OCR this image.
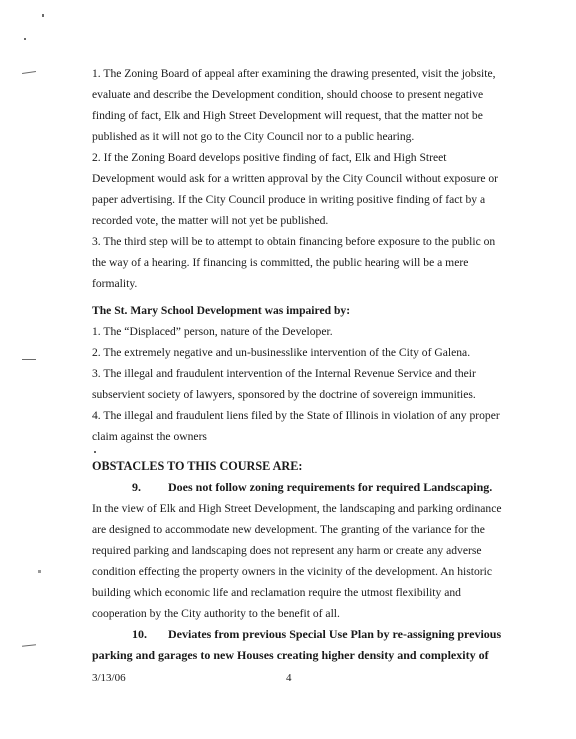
1. The Zoning Board of appeal after examining the drawing presented, visit the jobsite,
evaluate and describe the Development condition, should choose to present negative
finding of fact, Elk and High Street Development will request, that the matter not be
published as it will not go to the City Council nor to a public hearing.
2. If the Zoning Board develops positive finding of fact, Elk and High Street
Development would ask for a written approval by the City Council without exposure or
paper advertising. If the City Council produce in writing positive finding of fact by a
recorded vote, the matter will not yet be published.
3. The third step will be to attempt to obtain financing before exposure to the public on
the way of a hearing. If financing is committed, the public hearing will be a mere
formality.
The St. Mary School Development was impaired by:
1. The “Displaced” person, nature of the Developer.
2. The extremely negative and un-businesslike intervention of the City of Galena.
3. The illegal and fraudulent intervention of the Internal Revenue Service and their
subservient society of lawyers, sponsored by the doctrine of sovereign immunities.
4. The illegal and fraudulent liens filed by the State of Illinois in violation of any proper
claim against the owners
OBSTACLES TO THIS COURSE ARE:
9. Does not follow zoning requirements for required Landscaping.
In the view of Elk and High Street Development, the landscaping and parking ordinance
are designed to accommodate new development. The granting of the variance for the
required parking and landscaping does not represent any harm or create any adverse
condition effecting the property owners in the vicinity of the development. An historic
building which economic life and reclamation require the utmost flexibility and
cooperation by the City authority to the benefit of all.
10. Deviates from previous Special Use Plan by re-assigning previous
parking and garages to new Houses creating higher density and complexity of
3/13/06	4
